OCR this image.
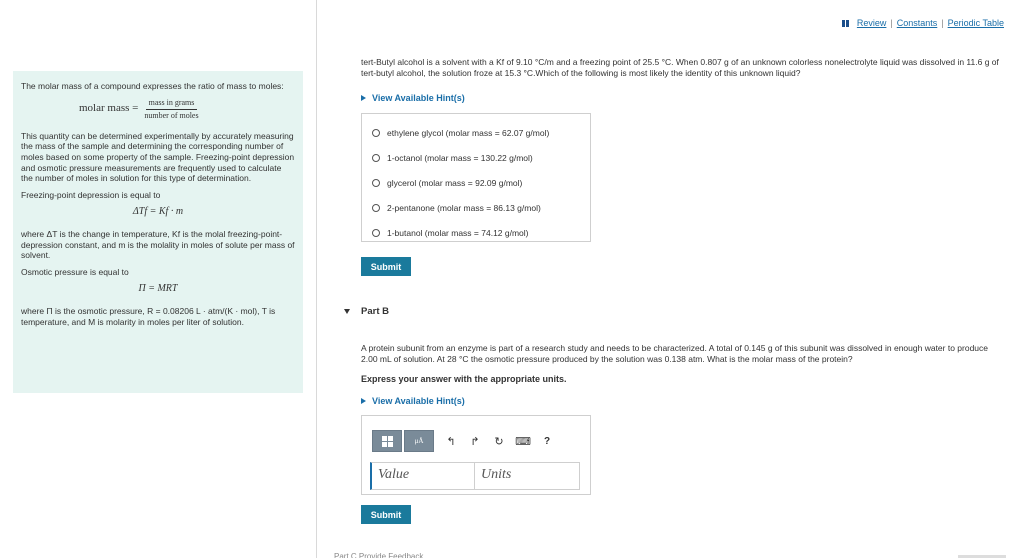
Review | Constants | Periodic Table

The molar mass of a compound expresses the ratio of mass to moles:

molar mass = $\frac{\text{mass in grams}}{\text{number of moles}}$

This quantity can be determined experimentally by accurately measuring the mass of the sample and determining the corresponding number of moles based on some property of the sample. Freezing-point depression and osmotic pressure measurements are frequently used to calculate the number of moles in solution for this type of determination.

Freezing-point depression is equal to

ΔTf = Kf · m

where ΔT is the change in temperature, Kf is the molal freezing-point-depression constant, and m is the molality in moles of solute per mass of solvent.

Osmotic pressure is equal to

Π = MRT

where Π is the osmotic pressure, R = 0.08206 L · atm/(K · mol), T is temperature, and M is molarity in moles per liter of solution.

tert-Butyl alcohol is a solvent with a Kf of 9.10 °C/m and a freezing point of 25.5 °C. When 0.807 g of an unknown colorless nonelectrolyte liquid was dissolved in 11.6 g of tert-butyl alcohol, the solution froze at 15.3 °C.Which of the following is most likely the identity of this unknown liquid?
View Available Hint(s)
ethylene glycol (molar mass = 62.07 g/mol)
1-octanol (molar mass = 130.22 g/mol)
glycerol (molar mass = 92.09 g/mol)
2-pentanone (molar mass = 86.13 g/mol)
1-butanol (molar mass = 74.12 g/mol)
Submit
Part B
A protein subunit from an enzyme is part of a research study and needs to be characterized. A total of 0.145 g of this subunit was dissolved in enough water to produce 2.00 mL of solution. At 28 °C the osmotic pressure produced by the solution was 0.138 atm. What is the molar mass of the protein?
Express your answer with the appropriate units.
View Available Hint(s)
μÅ ↰ ↱ ↻ ⌨	?
Value	Units
Submit
Part C Provide Feedback
